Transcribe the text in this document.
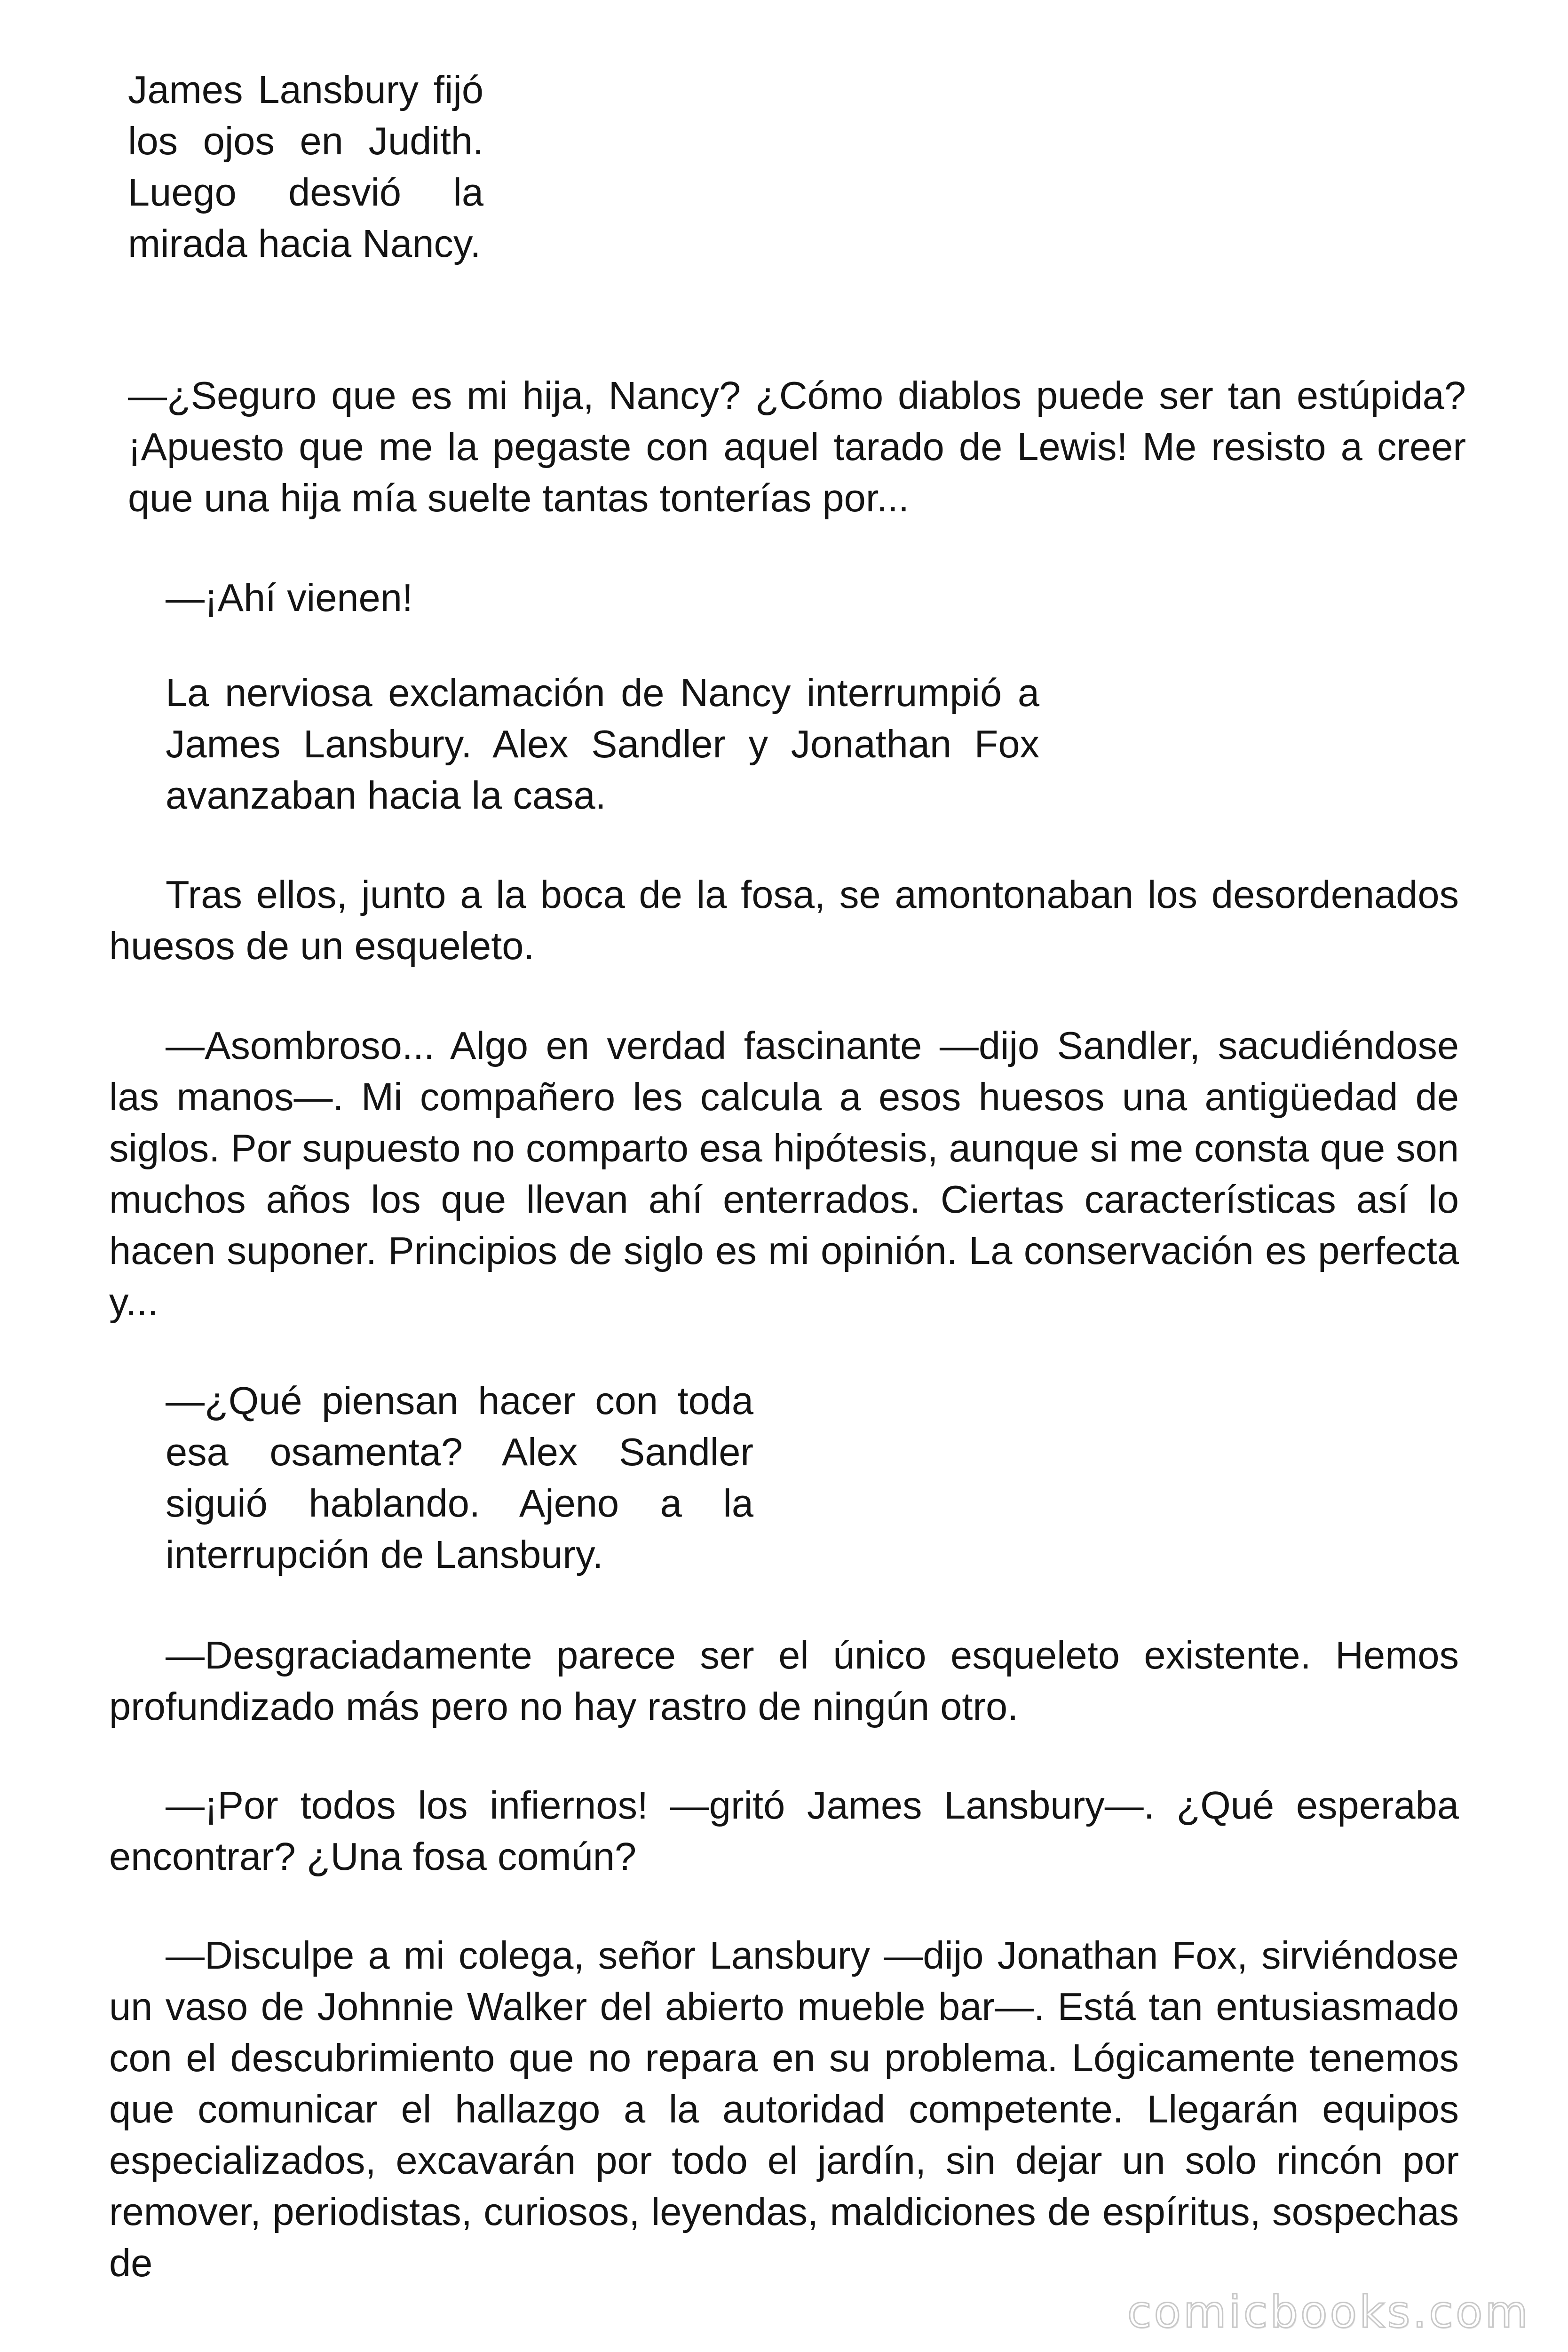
James Lansbury fijó los ojos en Judith. Luego desvió la mirada hacia Nancy.

—¿Seguro que es mi hija, Nancy? ¿Cómo diablos puede ser tan estúpida? ¡Apuesto que me la pegaste con aquel tarado de Lewis! Me resisto a creer que una hija mía suelte tantas tonterías por...

—¡Ahí vienen!

La nerviosa exclamación de Nancy interrumpió a James Lansbury. Alex Sandler y Jonathan Fox avanzaban hacia la casa.

Tras ellos, junto a la boca de la fosa, se amontonaban los desordenados huesos de un esqueleto.

—Asombroso... Algo en verdad fascinante —dijo Sandler, sacudiéndose las manos—. Mi compañero les calcula a esos huesos una antigüedad de siglos. Por supuesto no comparto esa hipótesis, aunque si me consta que son muchos años los que llevan ahí enterrados. Ciertas características así lo hacen suponer. Principios de siglo es mi opinión. La conservación es perfecta y...

—¿Qué piensan hacer con toda esa osamenta? Alex Sandler siguió hablando. Ajeno a la interrupción de Lansbury.

—Desgraciadamente parece ser el único esqueleto existente. Hemos profundizado más pero no hay rastro de ningún otro.

—¡Por todos los infiernos! —gritó James Lansbury—. ¿Qué esperaba encontrar? ¿Una fosa común?

—Disculpe a mi colega, señor Lansbury —dijo Jonathan Fox, sirviéndose un vaso de Johnnie Walker del abierto mueble bar—. Está tan entusiasmado con el descubrimiento que no repara en su problema. Lógicamente tenemos que comunicar el hallazgo a la autoridad competente. Llegarán equipos especializados, excavarán por todo el jardín, sin dejar un solo rincón por remover, periodistas, curiosos, leyendas, maldiciones de espíritus, sospechas de

comicbooks.com
